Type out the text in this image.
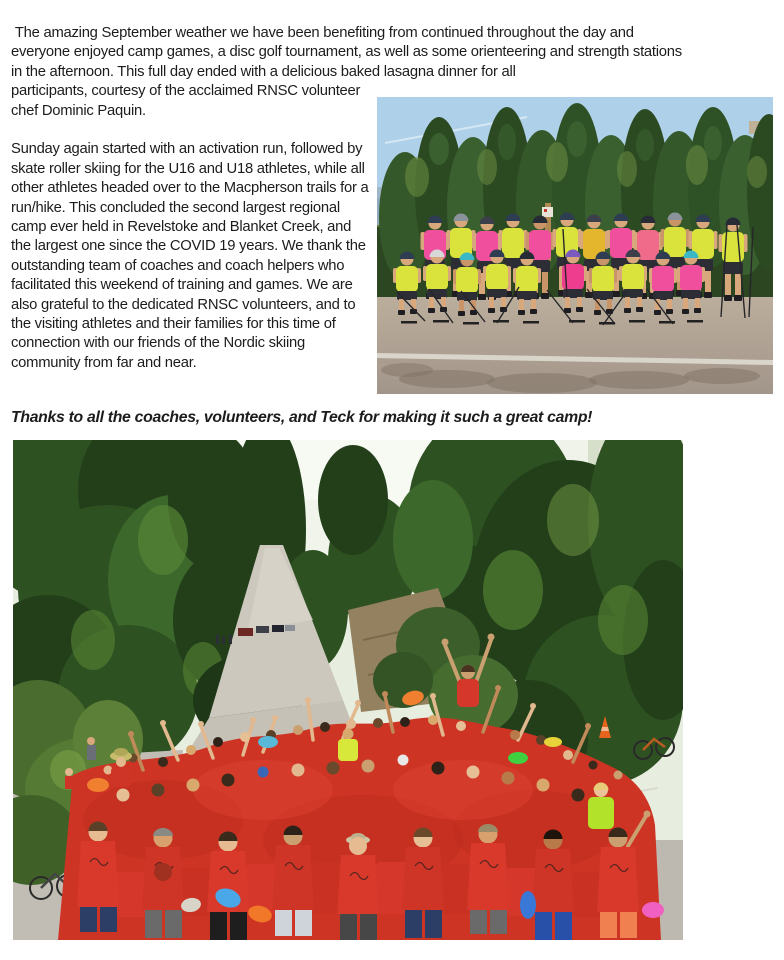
The amazing September weather we have been benefiting from continued throughout the day and everyone enjoyed camp games, a disc golf tournament, as well as some orienteering and strength stations in the afternoon. This full day ended with a delicious baked lasagna dinner for all

participants, courtesy of the acclaimed RNSC volunteer chef Dominic Paquin.

Sunday again started with an activation run, followed by skate roller skiing for the U16 and U18 athletes, while all other athletes headed over to the Macpherson trails for a run/hike. This concluded the second largest regional camp ever held in Revelstoke and Blanket Creek, and the largest one since the COVID 19 years. We thank the outstanding team of coaches and coach helpers who facilitated this weekend of training and games. We are also grateful to the dedicated RNSC volunteers, and to the visiting athletes and their families for this time of connection with our friends of the Nordic skiing community from far and near.

Thanks to all the coaches, volunteers, and Teck for making it such a great camp!
